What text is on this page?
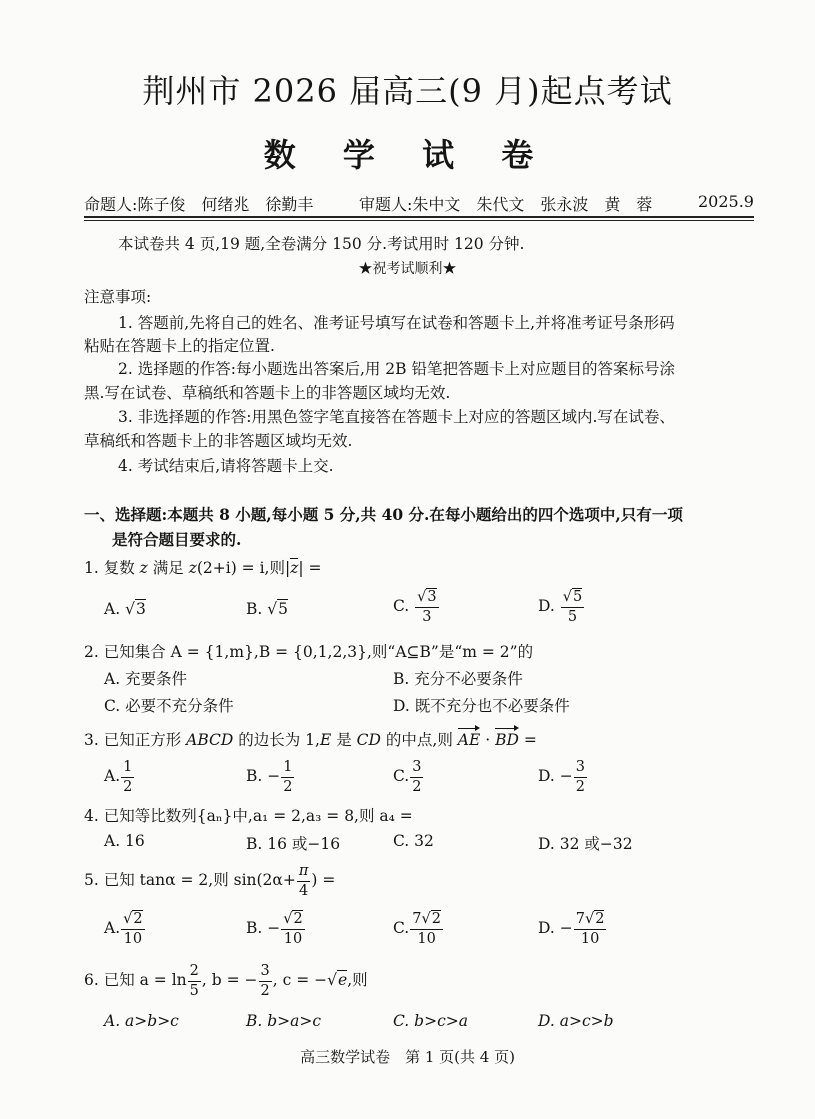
荆州市 2026 届高三(9 月)起点考试
数 学 试 卷
命题人:陈子俊　何绪兆　徐勤丰	审题人:朱中文　朱代文　张永波　黄　蓉	2025.9
本试卷共 4 页,19 题,全卷满分 150 分.考试用时 120 分钟.
★祝考试顺利★
注意事项:
1. 答题前,先将自己的姓名、准考证号填写在试卷和答题卡上,并将准考证号条形码
粘贴在答题卡上的指定位置.
2. 选择题的作答:每小题选出答案后,用 2B 铅笔把答题卡上对应题目的答案标号涂
黑.写在试卷、草稿纸和答题卡上的非答题区域均无效.
3. 非选择题的作答:用黑色签字笔直接答在答题卡上对应的答题区域内.写在试卷、
草稿纸和答题卡上的非答题区域均无效.
4. 考试结束后,请将答题卡上交.
一、选择题:本题共 8 小题,每小题 5 分,共 40 分.在每小题给出的四个选项中,只有一项
是符合题目要求的.
1. 复数 z 满足 z(2+i) = i,则|z| =
A. √3	B. √5	C. $\frac{√3}{3}$	D. $\frac{√5}{5}$
2. 已知集合 A = {1,m},B = {0,1,2,3},则“A⊆B”是“m = 2”的
A. 充要条件	B. 充分不必要条件
C. 必要不充分条件	D. 既不充分也不必要条件
3. 已知正方形 ABCD 的边长为 1,E 是 CD 的中点,则 AE · BD =
A. $\frac{1}{2}$	B. − $\frac{1}{2}$	C. $\frac{3}{2}$	D. − $\frac{3}{2}$
4. 已知等比数列{aₙ}中,a₁ = 2,a₃ = 8,则 a₄ =
A. 16	B. 16 或−16	C. 32	D. 32 或−32
5. 已知 tanα = 2,则 $\sin(2\alpha+ \frac{\pi}{4}$ ) =
A. $\frac{√2}{10}$	B. − $\frac{√2}{10}$	C. $\frac{7√2}{10}$	D. − $\frac{7√2}{10}$
6. 已知 $a = \ln \frac{2}{5}$ , b = − $\frac{3}{2}$ , c = −√e,则
A. a>b>c	B. b>a>c	C. b>c>a	D. a>c>b
高三数学试卷　第 1 页(共 4 页)
